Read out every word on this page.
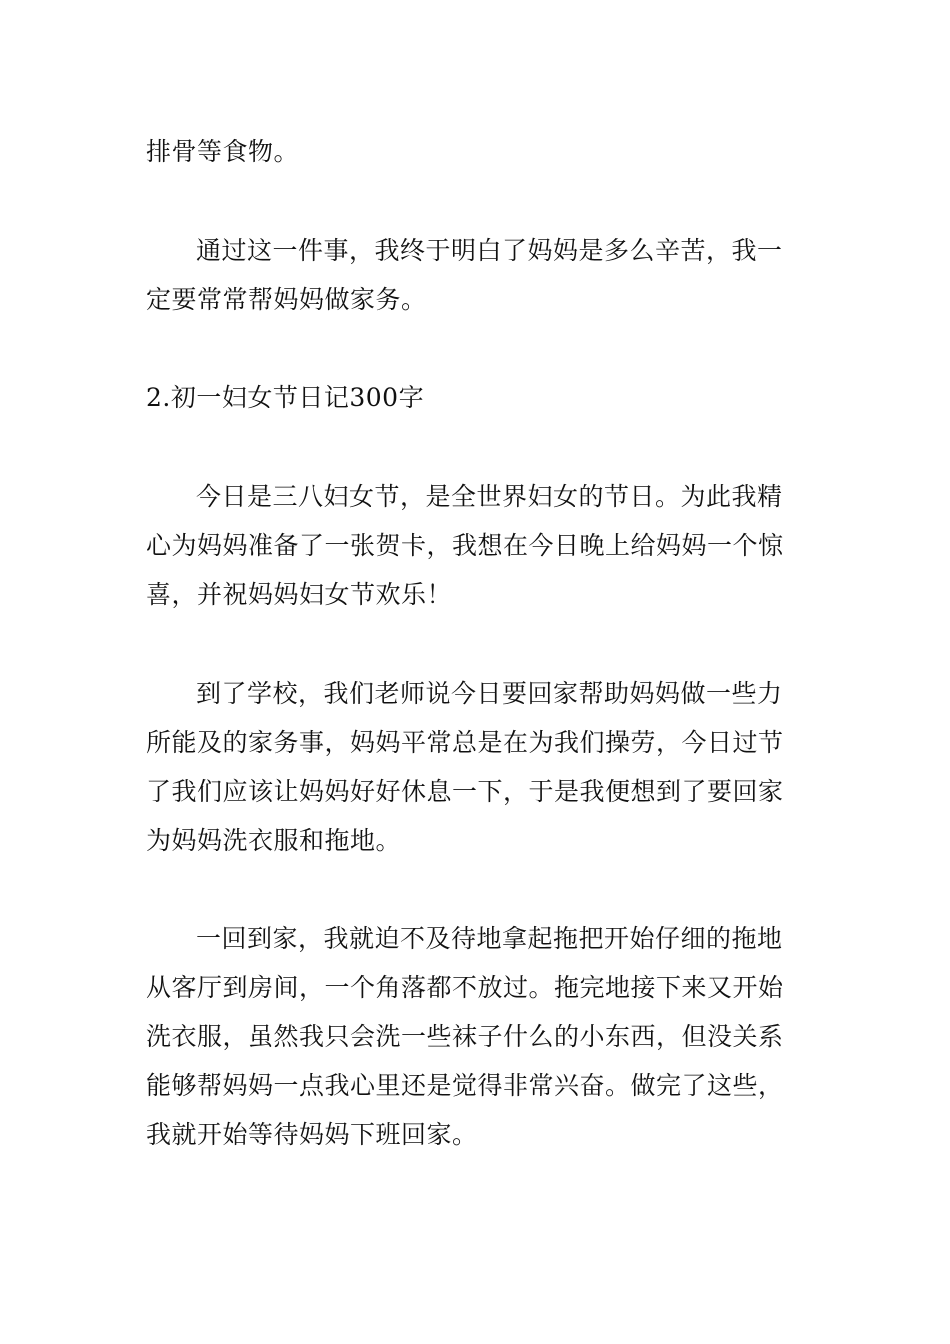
排骨等食物。
通过这一件事，我终于明白了妈妈是多么辛苦，我一
定要常常帮妈妈做家务。
2.初一妇女节日记300字
今日是三八妇女节，是全世界妇女的节日。为此我精
心为妈妈准备了一张贺卡，我想在今日晚上给妈妈一个惊
喜，并祝妈妈妇女节欢乐！
到了学校，我们老师说今日要回家帮助妈妈做一些力
所能及的家务事，妈妈平常总是在为我们操劳，今日过节
了我们应该让妈妈好好休息一下，于是我便想到了要回家
为妈妈洗衣服和拖地。
一回到家，我就迫不及待地拿起拖把开始仔细的拖地
从客厅到房间，一个角落都不放过。拖完地接下来又开始
洗衣服，虽然我只会洗一些袜子什么的小东西，但没关系
能够帮妈妈一点我心里还是觉得非常兴奋。做完了这些，
我就开始等待妈妈下班回家。
